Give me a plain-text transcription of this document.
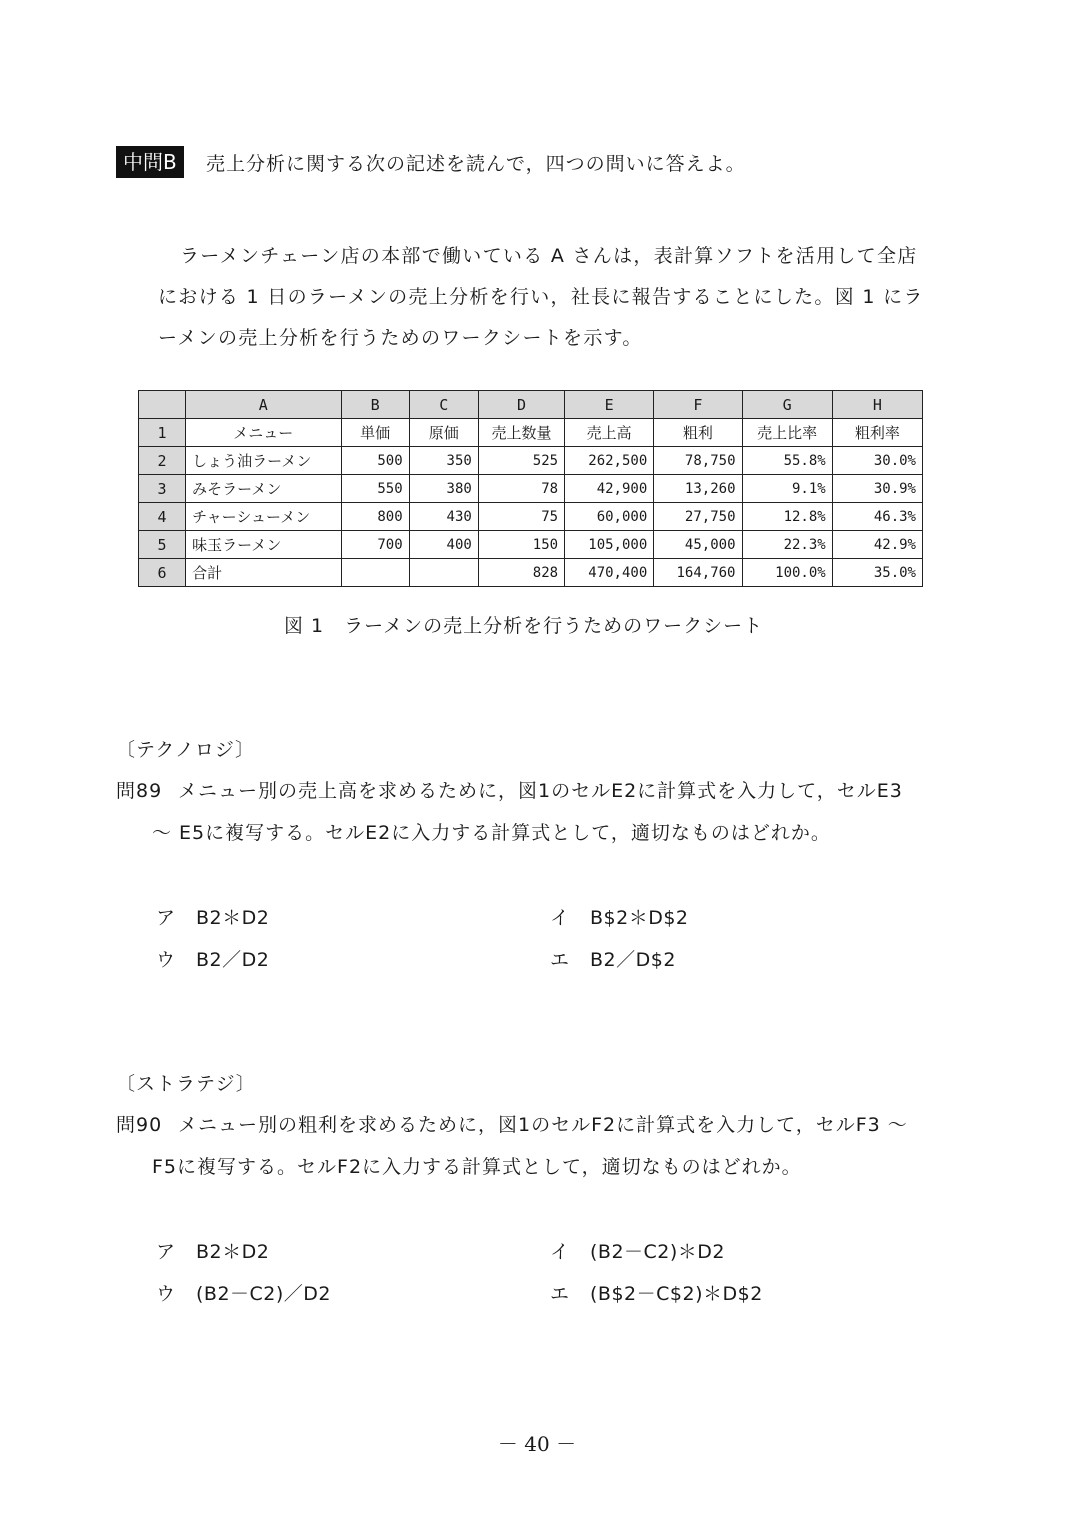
中問B	売上分析に関する次の記述を読んで，四つの問いに答えよ。

ラーメンチェーン店の本部で働いている A さんは，表計算ソフトを活用して全店

における 1 日のラーメンの売上分析を行い，社長に報告することにした。図 1 にラ
ーメンの売上分析を行うためのワークシートを示す。
	A	B	C	D	E	F	G	H
1	メニュー	単価	原価	売上数量	売上高	粗利	売上比率	粗利率
2	しょう油ラーメン	500	350	525	262,500	78,750	55.8%	30.0%
3	みそラーメン	550	380	78	42,900	13,260	9.1%	30.9%
4	チャーシューメン	800	430	75	60,000	27,750	12.8%	46.3%
5	味玉ラーメン	700	400	150	105,000	45,000	22.3%	42.9%
6	合計			828	470,400	164,760	100.0%	35.0%
図 1　ラーメンの売上分析を行うためのワークシート
〔テクノロジ〕
問89 メニュー別の売上高を求めるために，図1のセルE2に計算式を入力して，セルE3
～ E5に複写する。セルE2に入力する計算式として，適切なものはどれか。
ア B2＊D2	イ B$2＊D$2
ウ B2／D2	エ B2／D$2
〔ストラテジ〕
問90 メニュー別の粗利を求めるために，図1のセルF2に計算式を入力して，セルF3 ～
F5に複写する。セルF2に入力する計算式として，適切なものはどれか。
ア B2＊D2	イ (B2－C2)＊D2
ウ (B2－C2)／D2	エ (B$2－C$2)＊D$2
－ 40 －
